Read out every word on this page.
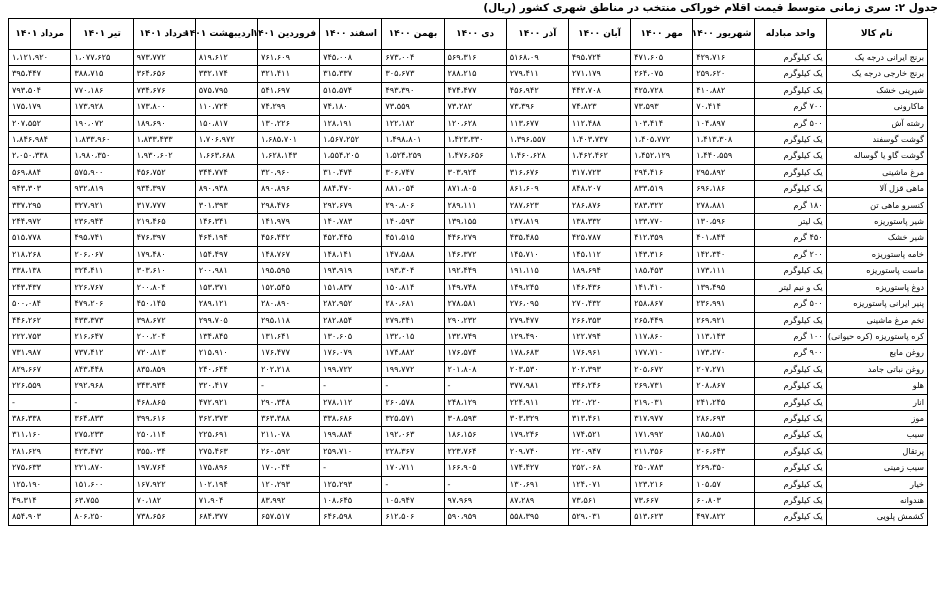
جدول ۲: سری زمانی متوسط قیمت اقلام خوراکی منتخب در مناطق شهری کشور (ریال)
نام کالا	واحد مبادله	شهریور ۱۴۰۰	مهر ۱۴۰۰	آبان ۱۴۰۰	آذر ۱۴۰۰	دی ۱۴۰۰	بهمن ۱۴۰۰	اسفند ۱۴۰۰	فروردین ۱۴۰۱	اردیبهشت ۱۴۰۱	خرداد ۱۴۰۱	تیر ۱۴۰۱	مرداد ۱۴۰۱
برنج ایرانی درجه یک	یک کیلوگرم	۴۲۹،۷۱۶	۴۷۱،۶۰۵	۴۹۵،۷۲۴	۵۱۶۸،۰۹	۵۶۹،۳۱۶	۶۷۳،۰۰۴	۷۴۵،۰۰۸	۷۶۱،۶۰۹	۸۱۹،۶۱۲	۹۷۳،۷۷۲	۱،۰۷۷،۶۲۵	۱،۱۲۱،۹۲۰
برنج خارجی درجه یک	یک کیلوگرم	۲۵۹،۶۲۰	۲۶۴،۰۷۵	۲۷۱،۱۷۹	۲۷۹،۴۱۱	۲۸۸،۲۱۵	۳۰۵،۶۷۳	۳۱۵،۳۳۷	۳۲۱،۴۱۱	۳۳۲،۱۷۴	۳۶۴،۶۵۶	۳۸۸،۷۱۵	۳۹۵،۴۴۷
شیرینی خشک	یک کیلوگرم	۴۱۰،۸۸۲	۴۲۵،۷۲۸	۴۴۲،۷۰۸	۴۵۶،۹۴۲	۴۷۴،۴۷۷	۴۹۳،۳۹۰	۵۱۵،۵۷۴	۵۴۱،۶۹۷	۵۷۵،۷۹۵	۷۳۴،۶۷۶	۷۷۰،۱۸۶	۷۹۳،۵۰۴
ماکارونی	۷۰۰ گرم	۷۰،۴۱۴	۷۳،۵۹۳	۷۴،۸۲۳	۷۳،۳۹۶	۷۳،۲۸۲	۷۳،۵۵۹	۷۴،۱۸۰	۷۴،۲۹۹	۱۱۰،۷۲۴	۱۷۳،۸۰۰	۱۷۳،۹۲۸	۱۷۵،۱۷۹
رشته آش	۵۰۰ گرم	۱۰۴،۸۹۷	۱۰۳،۴۱۴	۱۱۲،۴۸۸	۱۱۳،۶۷۷	۱۲۰،۶۲۸	۱۲۲،۱۸۲	۱۲۸،۱۹۱	۱۳۰،۲۲۶	۱۵۰،۸۱۷	۱۸۹،۶۹۰	۱۹۰،۰۷۲	۲۰۷،۵۵۲
گوشت گوسفند	یک کیلوگرم	۱،۴۱۳،۳۰۸	۱،۴۰۵،۷۷۲	۱،۴۰۳،۷۳۷	۱،۳۹۶،۵۵۷	۱،۴۲۳،۳۳۰	۱،۴۹۸،۸۰۱	۱،۵۶۷،۲۵۲	۱،۶۸۵،۷۰۱	۱،۷۰۶،۹۷۲	۱،۸۳۳،۴۳۳	۱،۸۳۳،۹۶۰	۱،۸۴۶،۹۸۴
گوشت گاو یا گوساله	یک کیلوگرم	۱،۴۴۰،۵۵۹	۱،۴۵۲،۱۲۹	۱،۴۶۲،۴۶۲	۱،۴۶۰،۶۲۸	۱،۴۷۶،۶۵۶	۱،۵۲۴،۲۵۹	۱،۵۵۴،۲۰۵	۱،۶۲۸،۱۴۳	۱،۶۶۳،۶۸۸	۱،۹۳۰،۶۰۲	۱،۹۸۰،۳۵۰	۲،۰۵۰،۳۳۸
مرغ ماشینی	یک کیلوگرم	۲۹۵،۸۹۲	۲۹۴،۴۱۶	۳۱۷،۷۲۳	۳۱۶،۶۷۶	۳۰۳،۹۲۴	۳۰۶،۷۴۷	۳۱۰،۴۷۴	۳۲۰،۹۶۰	۳۴۴،۷۷۴	۴۵۶،۷۵۲	۵۷۵،۹۰۰	۵۶۹،۸۸۴
ماهی قزل آلا	یک کیلوگرم	۶۹۶،۱۸۶	۸۳۳،۵۱۹	۸۴۸،۲۰۷	۸۶۱،۶۰۹	۸۷۱،۸۰۵	۸۸۱،۰۵۴	۸۸۴،۴۷۰	۸۹۰،۸۹۶	۸۹۰،۹۳۸	۹۳۴،۳۹۷	۹۳۲،۸۱۹	۹۴۳،۳۰۳
کنسرو ماهی تن	۱۸۰ گرم	۲۷۸،۸۸۱	۲۸۳،۳۲۲	۲۸۶،۸۷۶	۲۸۷،۶۲۳	۲۸۹،۱۱۱	۲۹۰،۸۰۶	۲۹۲،۶۷۹	۲۹۸،۴۷۶	۳۰۱،۳۹۳	۳۱۷،۷۷۷	۳۲۷،۹۲۱	۳۳۷،۲۹۵
شیر پاستوریزه	یک لیتر	۱۳۰،۵۹۶	۱۳۳،۷۷۰	۱۳۸،۳۳۲	۱۳۷،۸۱۹	۱۳۹،۱۵۵	۱۴۰،۵۹۳	۱۴۰،۷۸۳	۱۴۱،۹۷۹	۱۴۶،۳۴۱	۲۱۹،۴۶۵	۲۳۶،۹۴۴	۲۴۴،۹۷۲
شیر خشک	۴۵۰ گرم	۴۰۱،۸۴۴	۴۱۲،۳۵۹	۴۲۵،۷۸۷	۴۳۵،۴۸۵	۴۴۶،۲۷۹	۴۵۱،۵۱۵	۴۵۲،۴۴۵	۴۵۶،۴۴۲	۴۶۴،۱۹۴	۴۷۶،۳۹۷	۴۹۵،۷۴۱	۵۱۵،۷۷۸
خامه پاستوریزه	۲۰۰ گرم	۱۴۲،۳۴۰	۱۴۳،۳۱۶	۱۴۵،۱۱۲	۱۴۵،۷۱۰	۱۴۶،۳۷۲	۱۴۷،۵۸۸	۱۴۸،۱۴۱	۱۴۸،۷۶۷	۱۵۴،۴۹۷	۱۷۹،۴۸۰	۲۰۶،۰۶۷	۲۱۸،۲۶۸
ماست پاستوریزه	یک کیلوگرم	۱۷۳،۱۱۱	۱۸۵،۴۵۳	۱۸۹،۶۹۴	۱۹۱،۱۱۵	۱۹۲،۴۴۹	۱۹۳،۳۰۴	۱۹۳،۹۱۹	۱۹۵،۵۹۵	۲۰۰،۹۸۱	۳۰۳،۶۱۰	۳۲۴،۴۱۱	۳۳۸،۱۳۸
دوغ پاستوریزه	یک و نیم لیتر	۱۳۹،۴۹۵	۱۴۱،۴۱۰	۱۴۶،۴۳۶	۱۴۹،۲۴۵	۱۴۹،۷۴۸	۱۵۰،۸۱۴	۱۵۱،۸۳۷	۱۵۲،۵۴۵	۱۵۳،۳۷۱	۲۰۰،۸۰۴	۲۲۶،۷۶۷	۲۴۳،۴۳۷
پنیر ایرانی پاستوریزه	۵۰۰ گرم	۲۳۶،۹۹۱	۲۵۸،۸۶۷	۲۷۰،۴۳۲	۲۷۶،۰۹۵	۲۷۸،۵۸۱	۲۸۰،۶۸۱	۲۸۲،۹۵۲	۲۸۰،۸۹۰	۲۸۹،۱۲۱	۴۵۰،۱۴۵	۴۷۹،۲۰۶	۵۰۰،۰۸۴
تخم مرغ ماشینی	یک کیلوگرم	۲۶۹،۹۲۱	۲۶۵،۴۴۹	۲۶۶،۳۵۳	۲۷۹،۴۷۷	۲۹۰،۲۳۲	۲۷۹،۳۴۱	۲۸۲،۸۵۴	۲۹۵،۱۱۸	۲۹۹،۷۰۵	۳۹۸،۶۷۲	۴۳۳،۳۷۳	۴۴۶،۲۶۲
کره پاستوریزه (کره حیوانی)	۱۰۰ گرم	۱۱۳،۱۴۳	۱۱۷،۸۶۰	۱۲۲،۷۹۴	۱۲۹،۴۹۰	۱۳۲،۷۴۹	۱۳۲،۰۱۵	۱۳۰،۶۰۵	۱۳۱،۶۴۱	۱۳۴،۸۴۵	۲۰۰،۲۰۴	۲۱۶،۶۴۷	۲۲۲،۷۵۳
روغن مایع	۹۰۰ گرم	۱۷۳،۲۷۰	۱۷۷،۷۱۰	۱۷۶،۹۶۱	۱۷۸،۶۸۳	۱۷۶،۵۷۴	۱۷۴،۸۸۲	۱۷۶،۰۷۹	۱۷۶،۴۷۷	۲۱۵،۹۱۰	۷۲۰،۸۱۳	۷۳۷،۴۱۲	۷۳۱،۹۸۷
روغن نباتی جامد	یک کیلوگرم	۲۰۷،۲۷۱	۲۰۵،۶۷۲	۲۰۲،۳۹۳	۲۰۳،۵۳۰	۲۰۱،۸۰۸	۱۹۹،۷۷۲	۱۹۹،۷۲۲	۲۰۲،۲۱۸	۲۴۰،۶۴۴	۸۳۵،۸۵۹	۸۴۳،۴۴۸	۸۲۹،۶۶۷
هلو	یک کیلوگرم	۲۰۸،۸۶۷	۲۶۹،۷۳۱	۳۴۶،۲۴۶	۳۷۷،۹۸۱	-	-	-	-	۳۲۰،۴۱۷	۳۴۳،۹۳۴	۲۹۲،۹۶۸	۲۲۶،۵۵۹
انار	یک کیلوگرم	۲۴۱،۲۴۵	۲۱۹،۰۳۱	۲۲۰،۲۲۰	۲۲۴،۹۱۱	۲۴۸،۱۲۹	۲۶۰،۵۷۸	۲۷۸،۱۱۲	۲۹۰،۳۴۸	۴۷۲،۹۲۱	۴۶۸،۸۶۵	-	-
موز	یک کیلوگرم	۲۸۶،۶۹۳	۳۱۷،۹۷۷	۳۱۳،۴۶۱	۳۰۳،۳۲۹	۳۰۸،۵۹۳	۳۲۵،۵۷۱	۳۳۸،۶۸۶	۳۶۳،۳۸۸	۳۶۲،۳۷۳	۳۹۹،۶۱۶	۳۶۴،۸۳۳	۳۸۶،۳۳۸
سیب	یک کیلوگرم	۱۸۵،۸۵۱	۱۷۱،۹۹۲	۱۷۴،۵۲۱	۱۷۹،۲۴۶	۱۸۶،۱۵۶	۱۹۲،۰۶۳	۱۹۹،۸۸۴	۲۱۱،۰۷۸	۲۲۵،۶۹۱	۲۵۰،۱۱۴	۲۷۵،۲۳۳	۳۱۱،۱۶۰
پرتقال	یک کیلوگرم	۲۰۶،۶۴۳	۲۱۱،۳۵۶	۲۲۰،۹۴۷	۲۰۹،۷۴۰	۲۲۳،۷۶۴	۲۲۸،۳۶۷	۲۵۹،۷۱۰	۲۶۰،۵۹۲	۲۷۵،۴۶۳	۳۵۵،۰۳۴	۴۲۳،۴۷۲	۲۸۱،۶۲۹
سیب زمینی	یک کیلوگرم	۲۶۹،۳۵۰	۲۵۰،۷۸۳	۲۵۲،۰۶۸	۱۷۴،۴۲۷	۱۶۶،۹۰۵	۱۷۰،۷۱۱	-	۱۷۰،۰۴۴	۱۷۵،۸۹۶	۱۹۷،۷۶۴	۲۲۱،۸۷۰	۲۷۵،۶۳۳
خیار	یک کیلوگرم	۱۰۵،۵۷	۱۲۳،۲۱۶	۱۲۴،۰۷۱	۱۳۰،۶۹۱	-	-	۱۲۵،۲۹۳	۱۲۰،۲۹۳	۱۰۲،۱۹۴	۱۶۷،۹۲۲	۱۵۱،۶۰۰	۱۲۵،۱۹۰
هندوانه	یک کیلوگرم	۶۰،۸۰۳	۷۳،۶۶۷	۷۳،۵۶۱	۸۷،۲۸۹	۹۷،۹۶۹	۱۰۵،۹۴۷	۱۰۸،۶۴۵	۸۳،۹۹۲	۷۱،۹۰۴	۷۰،۱۸۲	۶۳،۷۵۵	۴۹،۳۱۴
کشمش پلویی	یک کیلوگرم	۴۹۷،۸۲۲	۵۱۳،۶۲۳	۵۲۹،۰۳۱	۵۵۸،۳۹۵	۵۹۰،۹۵۹	۶۱۲،۵۰۶	۶۴۶،۵۹۸	۶۵۷،۵۱۷	۶۸۴،۳۷۷	۷۳۸،۶۵۶	۸۰۶،۲۵۰	۸۵۴،۹۰۳
